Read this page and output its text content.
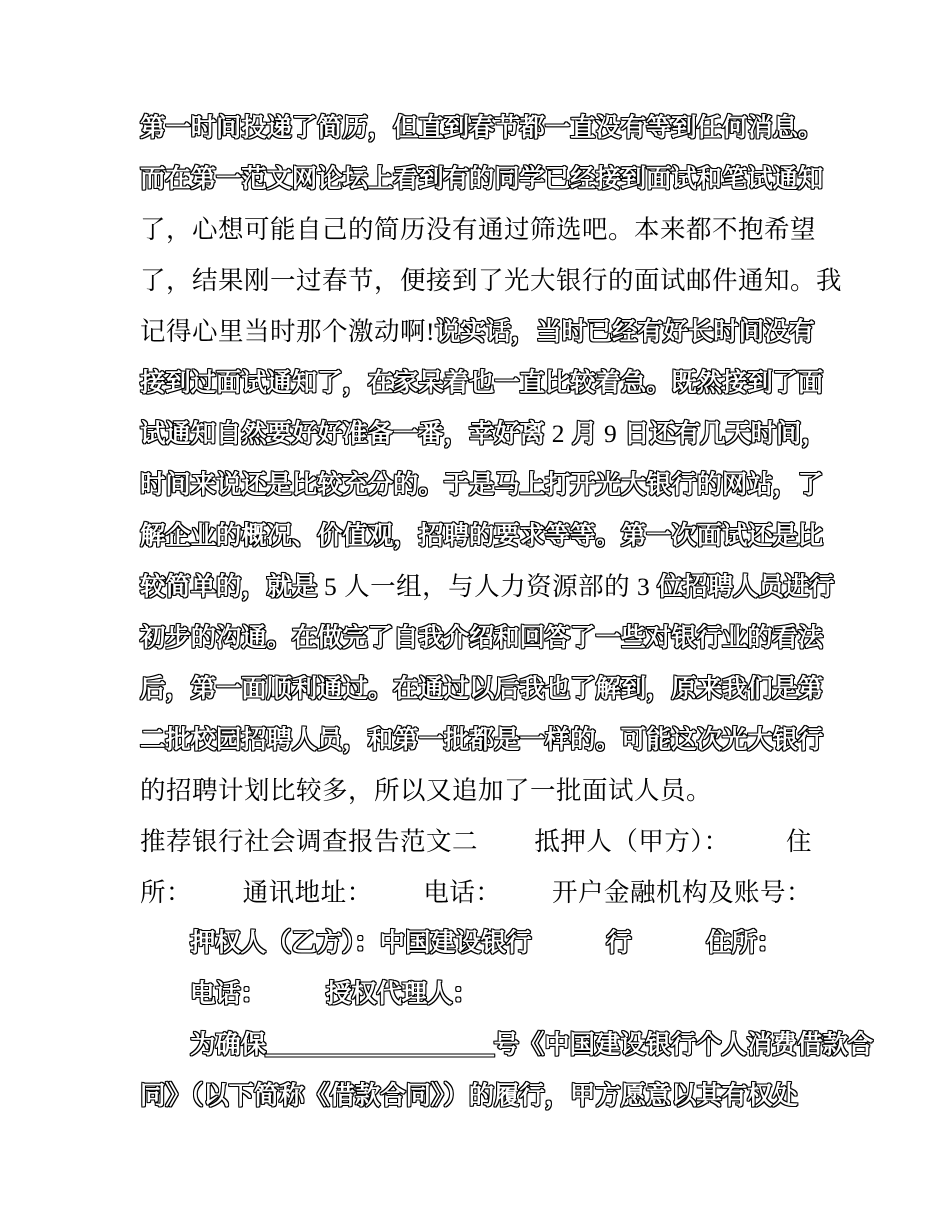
第一时间投递了简历，但直到春节都一直没有等到任何消息。
而在第一范文网论坛上看到有的同学已经接到面试和笔试通知
了，心想可能自己的简历没有通过筛选吧。本来都不抱希望
了，结果刚一过春节，便接到了光大银行的面试邮件通知。我
记得心里当时那个激动啊!说实话，当时已经有好长时间没有
接到过面试通知了，在家呆着也一直比较着急。既然接到了面
试通知自然要好好准备一番，幸好离 2 月 9 日还有几天时间，
时间来说还是比较充分的。于是马上打开光大银行的网站，了
解企业的概况、价值观，招聘的要求等等。第一次面试还是比
较简单的，就是 5 人一组，与人力资源部的 3 位招聘人员进行
初步的沟通。在做完了自我介绍和回答了一些对银行业的看法
后，第一面顺利通过。在通过以后我也了解到，原来我们是第
二批校园招聘人员，和第一批都是一样的。可能这次光大银行
的招聘计划比较多，所以又追加了一批面试人员。
推荐银行社会调查报告范文二 抵押人（甲方）： 住
所： 通讯地址： 电话： 开户金融机构及账号：
押权人（乙方）：中国建设银行	行	住所：
电话： 授权代理人：
为确保＿＿＿＿＿＿＿＿＿号《中国建设银行个人消费借款合
同》（以下简称《借款合同》）的履行，甲方愿意以其有权处
